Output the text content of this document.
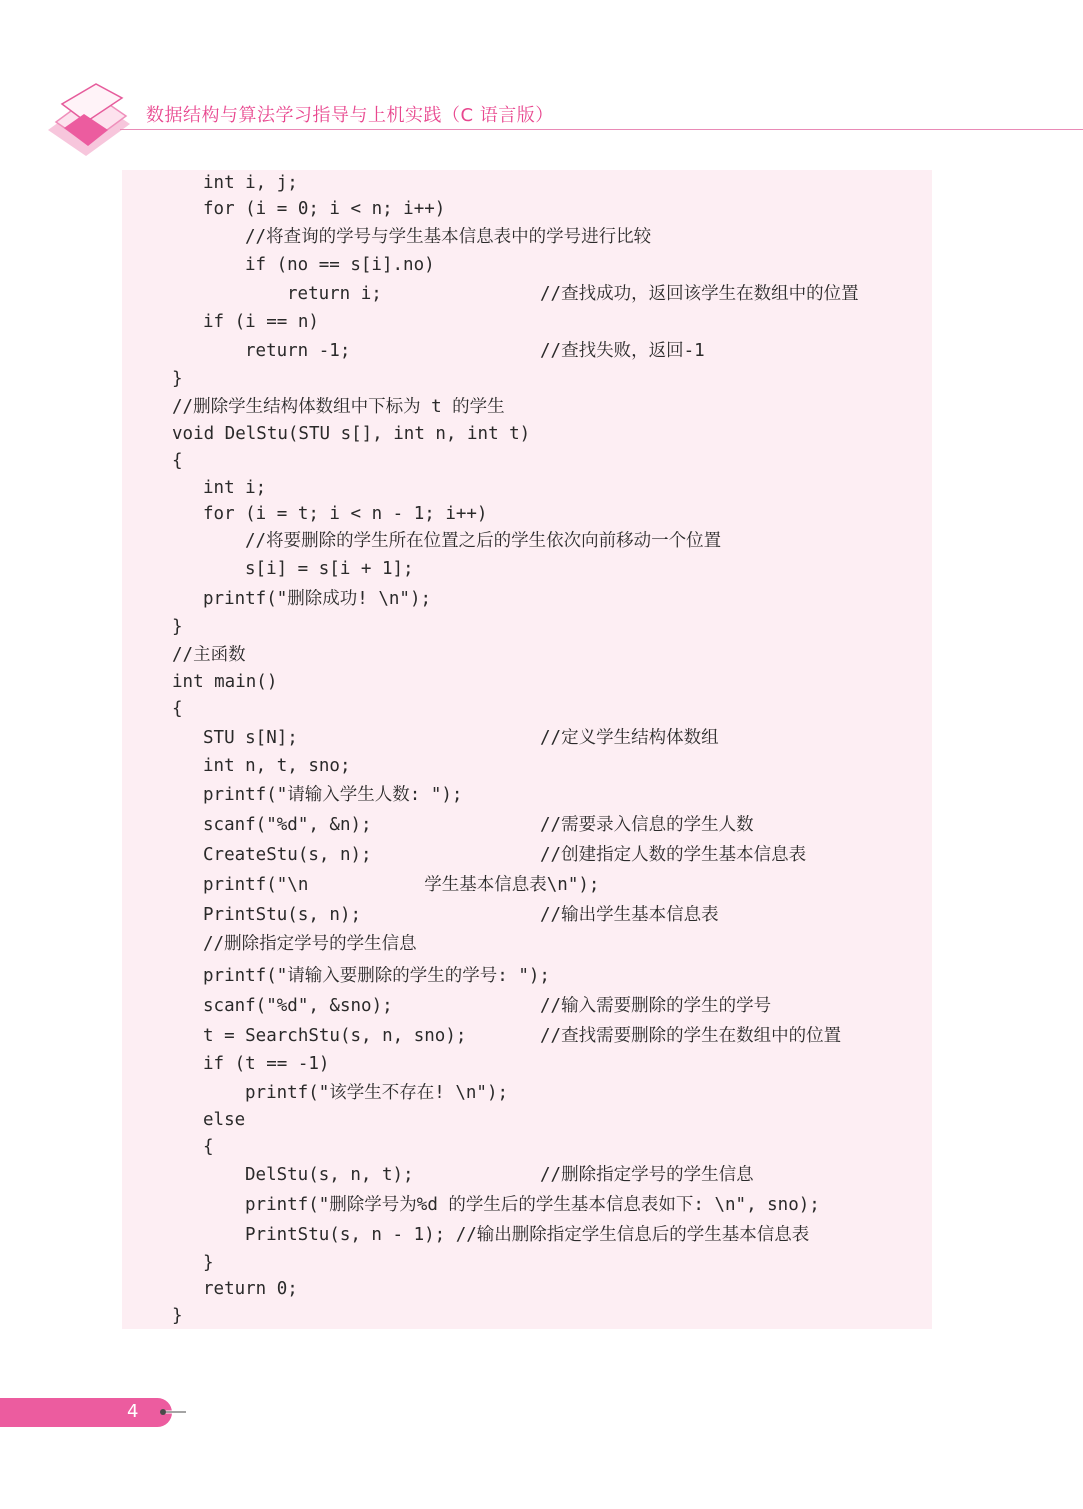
数据结构与算法学习指导与上机实践（C 语言版）
int i, j;
for (i = 0; i < n; i++)
//将查询的学号与学生基本信息表中的学号进行比较
if (no == s[i].no)
return i;	//查找成功，返回该学生在数组中的位置
if (i == n)
return -1;	//查找失败，返回-1
}
//删除学生结构体数组中下标为 t 的学生
void DelStu(STU s[], int n, int t)
{
int i;
for (i = t; i < n - 1; i++)
//将要删除的学生所在位置之后的学生依次向前移动一个位置
s[i] = s[i + 1];
printf("删除成功! \n");
}
//主函数
int main()
{
STU s[N];	//定义学生结构体数组
int n, t, sno;
printf("请输入学生人数: ");
scanf("%d", &n);	//需要录入信息的学生人数
CreateStu(s, n);	//创建指定人数的学生基本信息表
printf("\n           学生基本信息表\n");
PrintStu(s, n);	//输出学生基本信息表
//删除指定学号的学生信息
printf("请输入要删除的学生的学号: ");
scanf("%d", &sno);	//输入需要删除的学生的学号
t = SearchStu(s, n, sno);	//查找需要删除的学生在数组中的位置
if (t == -1)
printf("该学生不存在! \n");
else
{
DelStu(s, n, t);	//删除指定学号的学生信息
printf("删除学号为%d 的学生后的学生基本信息表如下: \n", sno);
PrintStu(s, n - 1); //输出删除指定学生信息后的学生基本信息表
}
return 0;
}
4
